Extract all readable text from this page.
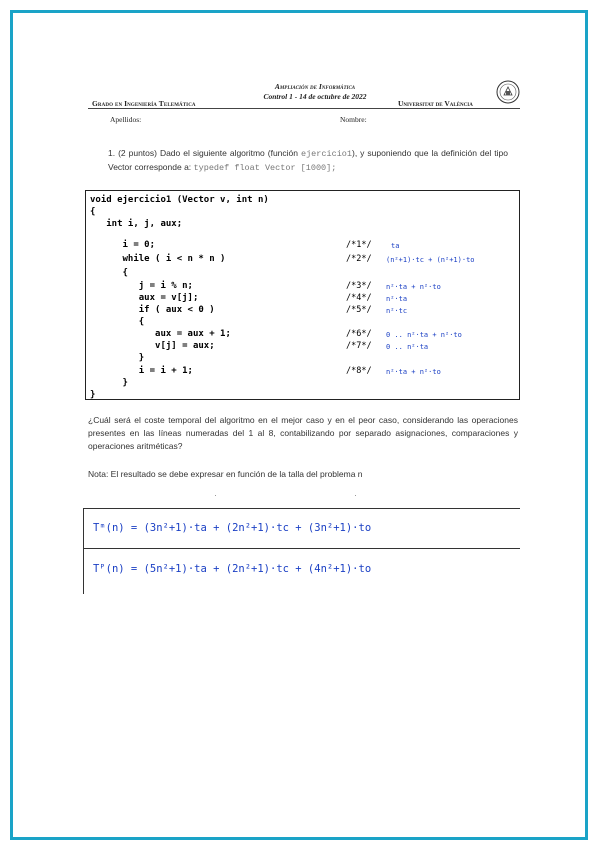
Grado en Ingeniería Telemática
Ampliación de Informática
Control 1 - 14 de octubre de 2022
Universitat de València
Apellidos:	Nombre:
1. (2 puntos) Dado el siguiente algoritmo (función ejercicio1), y suponiendo que la definición del tipo Vector corresponde a: typedef float Vector [1000];
void ejercicio1 (Vector v, int n)
{
int i, j, aux;
i = 0;
while ( i < n * n )
{
j = i % n;
aux = v[j];
if ( aux < 0 )
{
aux = aux + 1;
v[j] = aux;
}
i = i + 1;
}
}
/*1*/
/*2*/
/*3*/
/*4*/
/*5*/
/*6*/
/*7*/
/*8*/
ta
(n²+1)·tc + (n²+1)·to
n²·ta + n²·to
n²·ta
n²·tc
0 .. n²·ta + n²·to
0 .. n²·ta
n²·ta + n²·to
¿Cuál será el coste temporal del algoritmo en el mejor caso y en el peor caso, considerando las operaciones presentes en las líneas numeradas del 1 al 8, contabilizando por separado asignaciones, comparaciones y operaciones aritméticas?
Nota: El resultado se debe expresar en función de la talla del problema n
Tᵐ(n) = (3n²+1)·ta + (2n²+1)·tc + (3n²+1)·to
Tᴾ(n) = (5n²+1)·ta + (2n²+1)·tc + (4n²+1)·to
